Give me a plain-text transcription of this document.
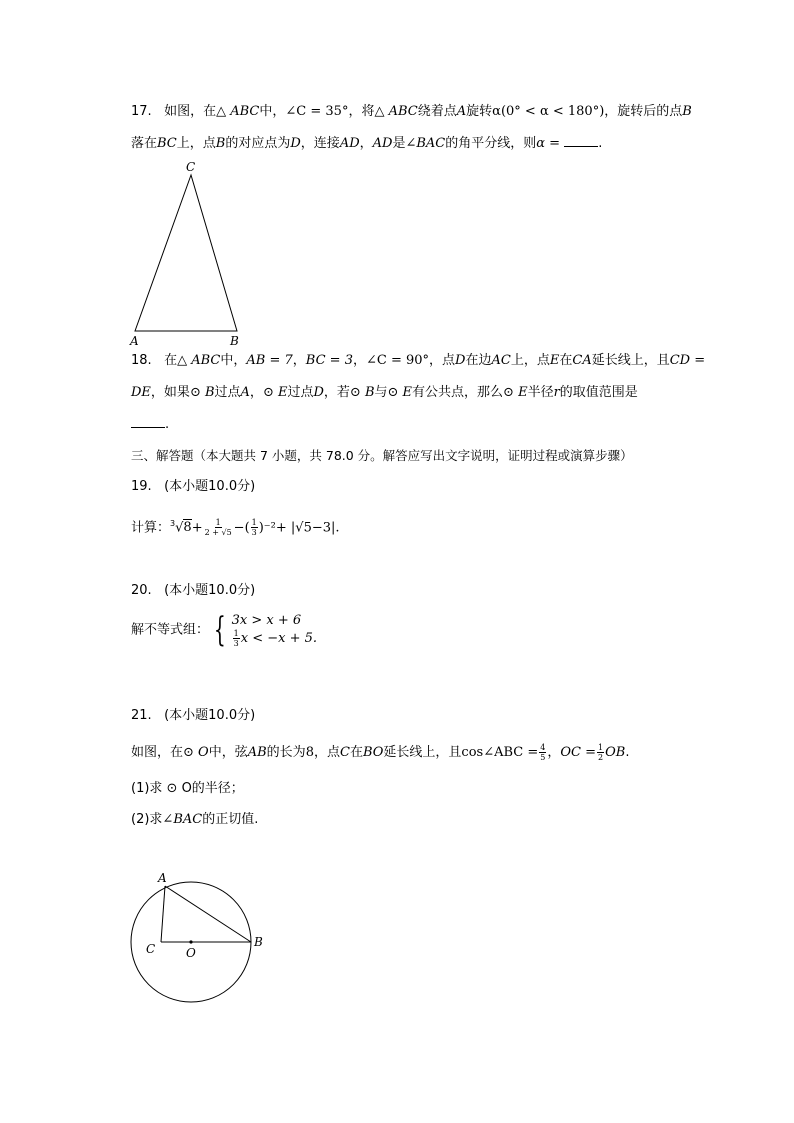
17. 如图，在△ ABC中，∠C = 35°，将△ ABC绕着点A旋转α(0° < α < 180°)，旋转后的点B
落在BC上，点B的对应点为D，连接AD，AD是∠BAC的角平分线，则α =	.
C
A	B
18. 在△ ABC中，AB = 7，BC = 3，∠C = 90°，点D在边AC上，点E在CA延长线上，且CD =
DE，如果⊙ B过点A，⊙ E过点D，若⊙ B与⊙ E有公共点，那么⊙ E半径r的取值范围是
.
三、解答题（本大题共 7 小题，共 78.0 分。解答应写出文字说明，证明过程或演算步骤）
19. (本小题10.0分)
计算：$^3√8+ \frac{1}{2 + √5}$ −( $\frac{1}{3} )^{-2}+ |√5-3|$.
20. (本小题10.0分)
解不等式组： { 3x > x + 6
$\frac{1}{3}$ x < −x + 5.
21. (本小题10.0分)
如图，在⊙ O中，弦AB的长为8，点C在BO延长线上，且cos∠ABC = $\frac{4}{5}$ ，OC = $\frac{1}{2}$ OB.
(1)求 ⊙ O的半径；
(2)求∠BAC的正切值.
A
B
C	O
